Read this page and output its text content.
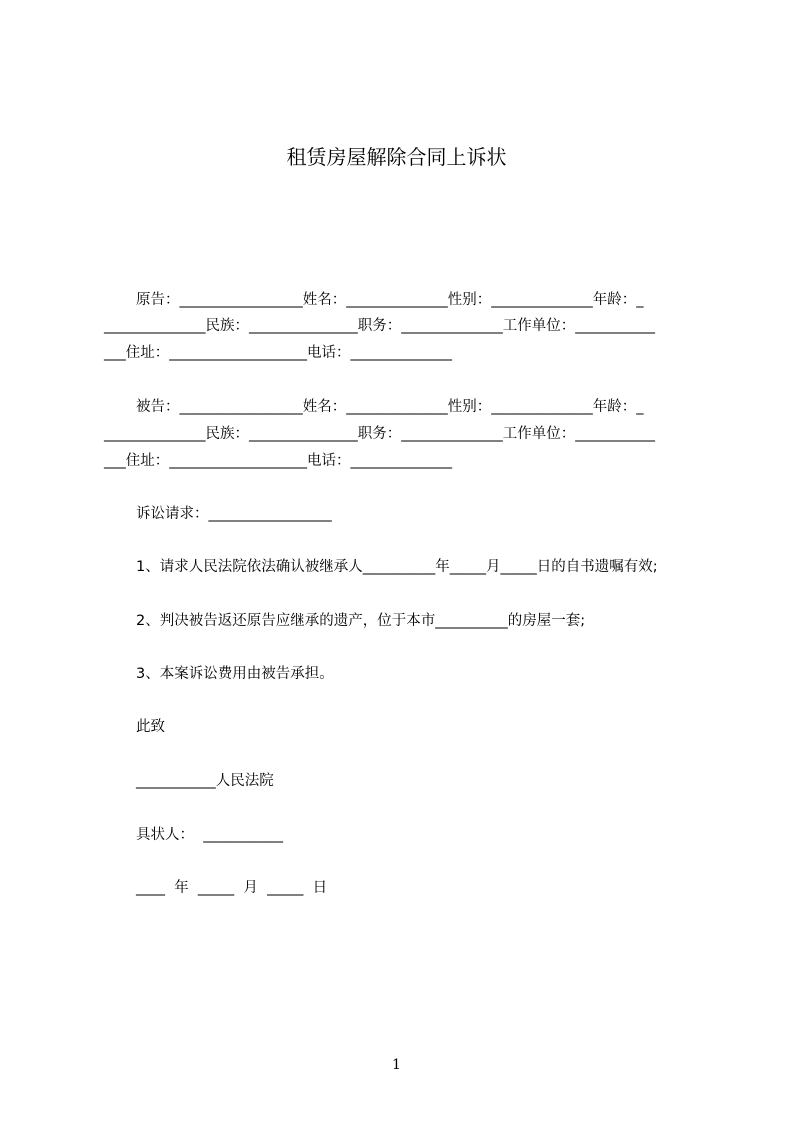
租赁房屋解除合同上诉状
原告：_________________姓名：______________性别：______________年龄：_
______________民族：_______________职务：______________工作单位：___________
___住址：___________________电话：______________
被告：_________________姓名：______________性别：______________年龄：_
______________民族：_______________职务：______________工作单位：___________
___住址：___________________电话：______________
诉讼请求：_________________
1、请求人民法院依法确认被继承人__________年_____月_____日的自书遗嘱有效;
2、判决被告返还原告应继承的遗产，位于本市__________的房屋一套;
3、本案诉讼费用由被告承担。
此致
___________人民法院
具状人：  ___________
____  年  _____  月  _____  日
1
